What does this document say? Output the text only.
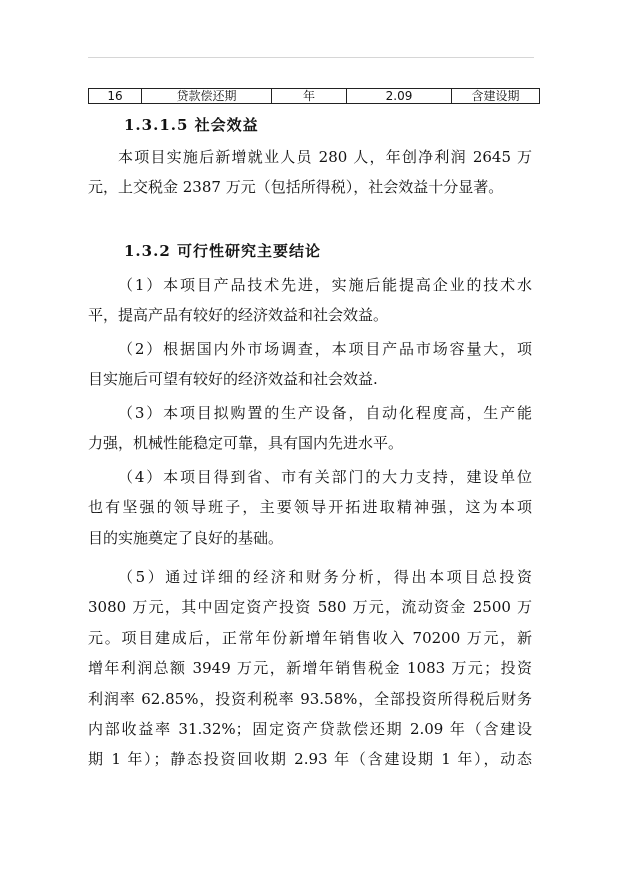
16	贷款偿还期	年	2.09	含建设期
1.3.1.5 社会效益
本项目实施后新增就业人员 280 人，年创净利润 2645 万
元，上交税金 2387 万元（包括所得税），社会效益十分显著。
1.3.2 可行性研究主要结论
（1）本项目产品技术先进，实施后能提高企业的技术水
平，提高产品有较好的经济效益和社会效益。
（2）根据国内外市场调查，本项目产品市场容量大，项
目实施后可望有较好的经济效益和社会效益.
（3）本项目拟购置的生产设备，自动化程度高，生产能
力强，机械性能稳定可靠，具有国内先进水平。
（4）本项目得到省、市有关部门的大力支持，建设单位
也有坚强的领导班子，主要领导开拓进取精神强，这为本项
目的实施奠定了良好的基础。
（5）通过详细的经济和财务分析，得出本项目总投资
3080 万元，其中固定资产投资 580 万元，流动资金 2500 万
元。项目建成后，正常年份新增年销售收入 70200 万元，新
增年利润总额 3949 万元，新增年销售税金 1083 万元；投资
利润率 62.85%，投资利税率 93.58%，全部投资所得税后财务
内部收益率 31.32%；固定资产贷款偿还期 2.09 年（含建设
期 1 年）；静态投资回收期 2.93 年（含建设期 1 年），动态
